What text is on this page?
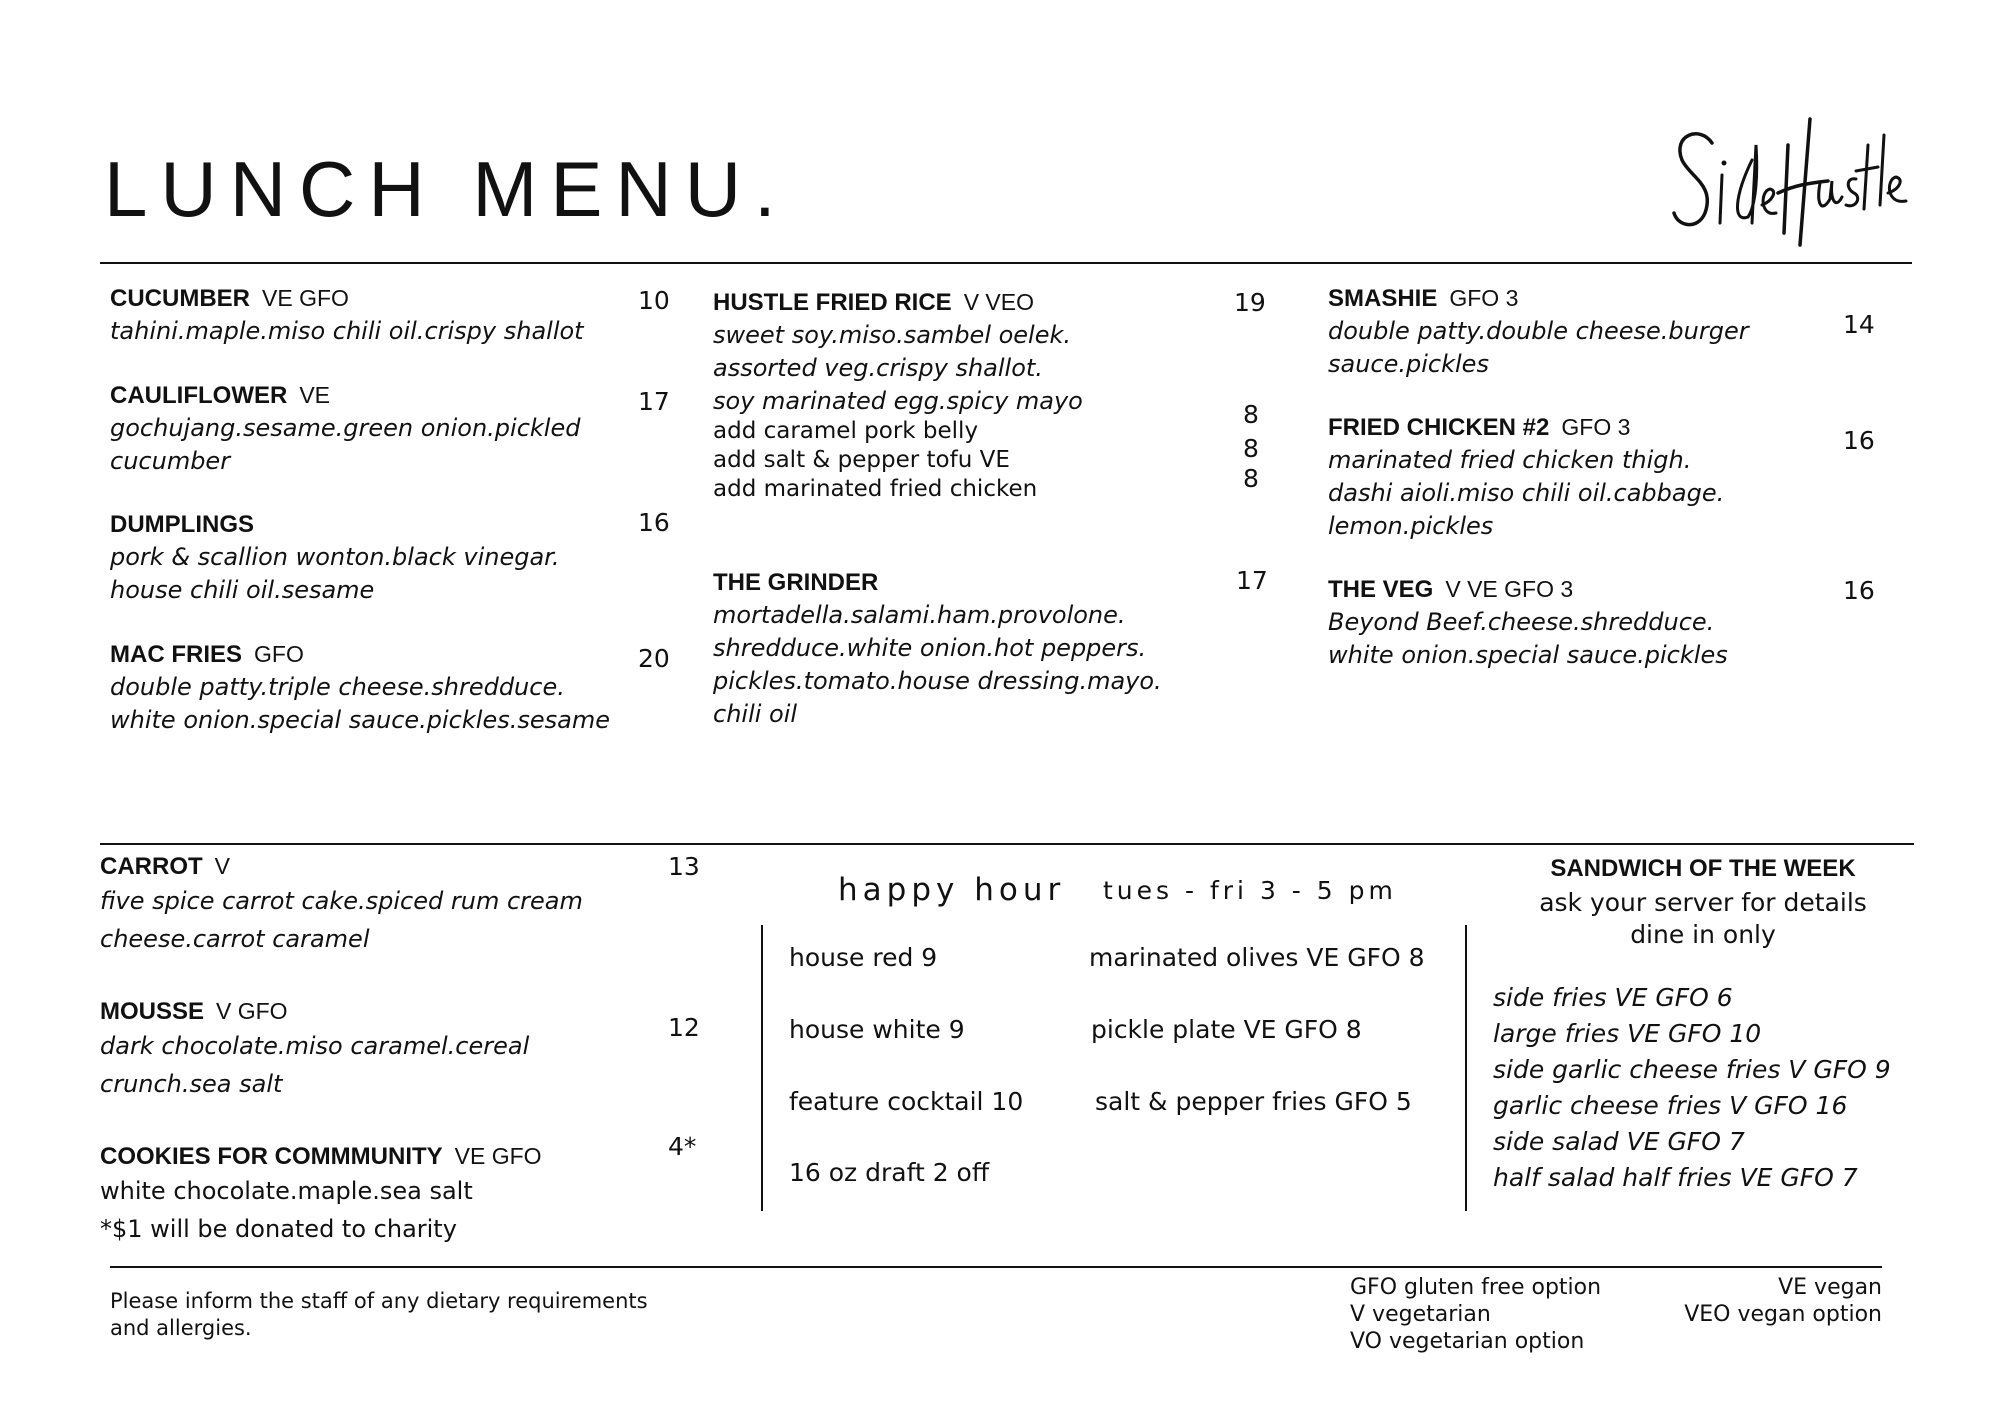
LUNCH MENU.
CUCUMBER VE GFO
tahini.maple.miso chili oil.crispy shallot
10
CAULIFLOWER VE
gochujang.sesame.green onion.pickled
cucumber
17
DUMPLINGS
pork & scallion wonton.black vinegar.
house chili oil.sesame
16
MAC FRIES GFO
double patty.triple cheese.shredduce.
white onion.special sauce.pickles.sesame
20
HUSTLE FRIED RICE V VEO
sweet soy.miso.sambel oelek.
assorted veg.crispy shallot.
soy marinated egg.spicy mayo
add caramel pork belly
add salt & pepper tofu VE
add marinated fried chicken
19
8
8
8
THE GRINDER
mortadella.salami.ham.provolone.
shredduce.white onion.hot peppers.
pickles.tomato.house dressing.mayo.
chili oil
17
SMASHIE GFO 3
double patty.double cheese.burger
sauce.pickles
14
FRIED CHICKEN #2 GFO 3
marinated fried chicken thigh.
dashi aioli.miso chili oil.cabbage.
lemon.pickles
16
THE VEG V VE GFO 3
Beyond Beef.cheese.shredduce.
white onion.special sauce.pickles
16
CARROT V
five spice carrot cake.spiced rum cream
cheese.carrot caramel
13
MOUSSE V GFO
dark chocolate.miso caramel.cereal
crunch.sea salt
12
COOKIES FOR COMMMUNITY VE GFO
white chocolate.maple.sea salt
*$1 will be donated to charity
4*
happy hour tues - fri 3 - 5 pm
house red 9
house white 9
feature cocktail 10
16 oz draft 2 off
marinated olives VE GFO 8
pickle plate VE GFO 8
salt & pepper fries GFO 5
SANDWICH OF THE WEEK
ask your server for details
dine in only
side fries VE GFO 6
large fries VE GFO 10
side garlic cheese fries V GFO 9
garlic cheese fries V GFO 16
side salad VE GFO 7
half salad half fries VE GFO 7
Please inform the staff of any dietary requirements
and allergies.
GFO gluten free option
V vegetarian
VO vegetarian option
VE vegan
VEO vegan option
